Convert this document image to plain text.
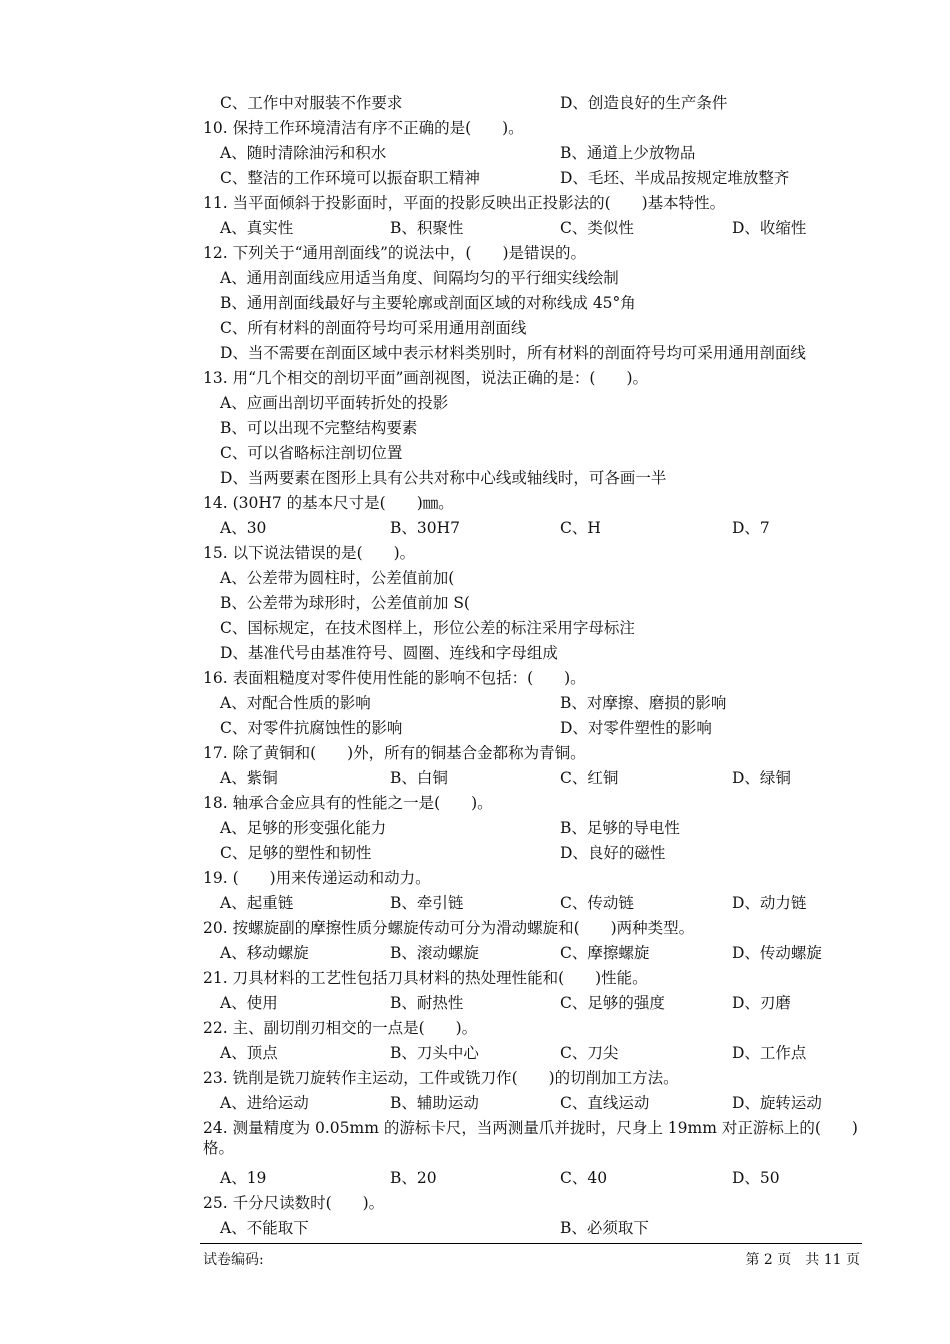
C、工作中对服装不作要求	D、创造良好的生产条件
10. 保持工作环境清洁有序不正确的是(　　)。
A、随时清除油污和积水	B、通道上少放物品
C、整洁的工作环境可以振奋职工精神	D、毛坯、半成品按规定堆放整齐
11. 当平面倾斜于投影面时，平面的投影反映出正投影法的(　　)基本特性。
A、真实性	B、积聚性	C、类似性	D、收缩性
12. 下列关于“通用剖面线”的说法中，(　　)是错误的。
A、通用剖面线应用适当角度、间隔均匀的平行细实线绘制
B、通用剖面线最好与主要轮廓或剖面区域的对称线成 45°角
C、所有材料的剖面符号均可采用通用剖面线
D、当不需要在剖面区域中表示材料类别时，所有材料的剖面符号均可采用通用剖面线
13. 用“几个相交的剖切平面”画剖视图，说法正确的是：(　　)。
A、应画出剖切平面转折处的投影
B、可以出现不完整结构要素
C、可以省略标注剖切位置
D、当两要素在图形上具有公共对称中心线或轴线时，可各画一半
14. (30H7 的基本尺寸是(　　)㎜。
A、30	B、30H7	C、H	D、7
15. 以下说法错误的是(　　)。
A、公差带为圆柱时，公差值前加(
B、公差带为球形时，公差值前加 S(
C、国标规定，在技术图样上，形位公差的标注采用字母标注
D、基准代号由基准符号、圆圈、连线和字母组成
16. 表面粗糙度对零件使用性能的影响不包括：(　　)。
A、对配合性质的影响	B、对摩擦、磨损的影响
C、对零件抗腐蚀性的影响	D、对零件塑性的影响
17. 除了黄铜和(　　)外，所有的铜基合金都称为青铜。
A、紫铜	B、白铜	C、红铜	D、绿铜
18. 轴承合金应具有的性能之一是(　　)。
A、足够的形变强化能力	B、足够的导电性
C、足够的塑性和韧性	D、良好的磁性
19. (　　)用来传递运动和动力。
A、起重链	B、牵引链	C、传动链	D、动力链
20. 按螺旋副的摩擦性质分螺旋传动可分为滑动螺旋和(　　)两种类型。
A、移动螺旋	B、滚动螺旋	C、摩擦螺旋	D、传动螺旋
21. 刀具材料的工艺性包括刀具材料的热处理性能和(　　)性能。
A、使用	B、耐热性	C、足够的强度	D、刃磨
22. 主、副切削刃相交的一点是(　　)。
A、顶点	B、刀头中心	C、刀尖	D、工作点
23. 铣削是铣刀旋转作主运动，工件或铣刀作(　　)的切削加工方法。
A、进给运动	B、辅助运动	C、直线运动	D、旋转运动
24. 测量精度为 0.05mm 的游标卡尺，当两测量爪并拢时，尺身上 19mm 对正游标上的(　　)格。
A、19	B、20	C、40	D、50
25. 千分尺读数时(　　)。
A、不能取下	B、必须取下
试卷编码:	第 2 页　共 11 页
